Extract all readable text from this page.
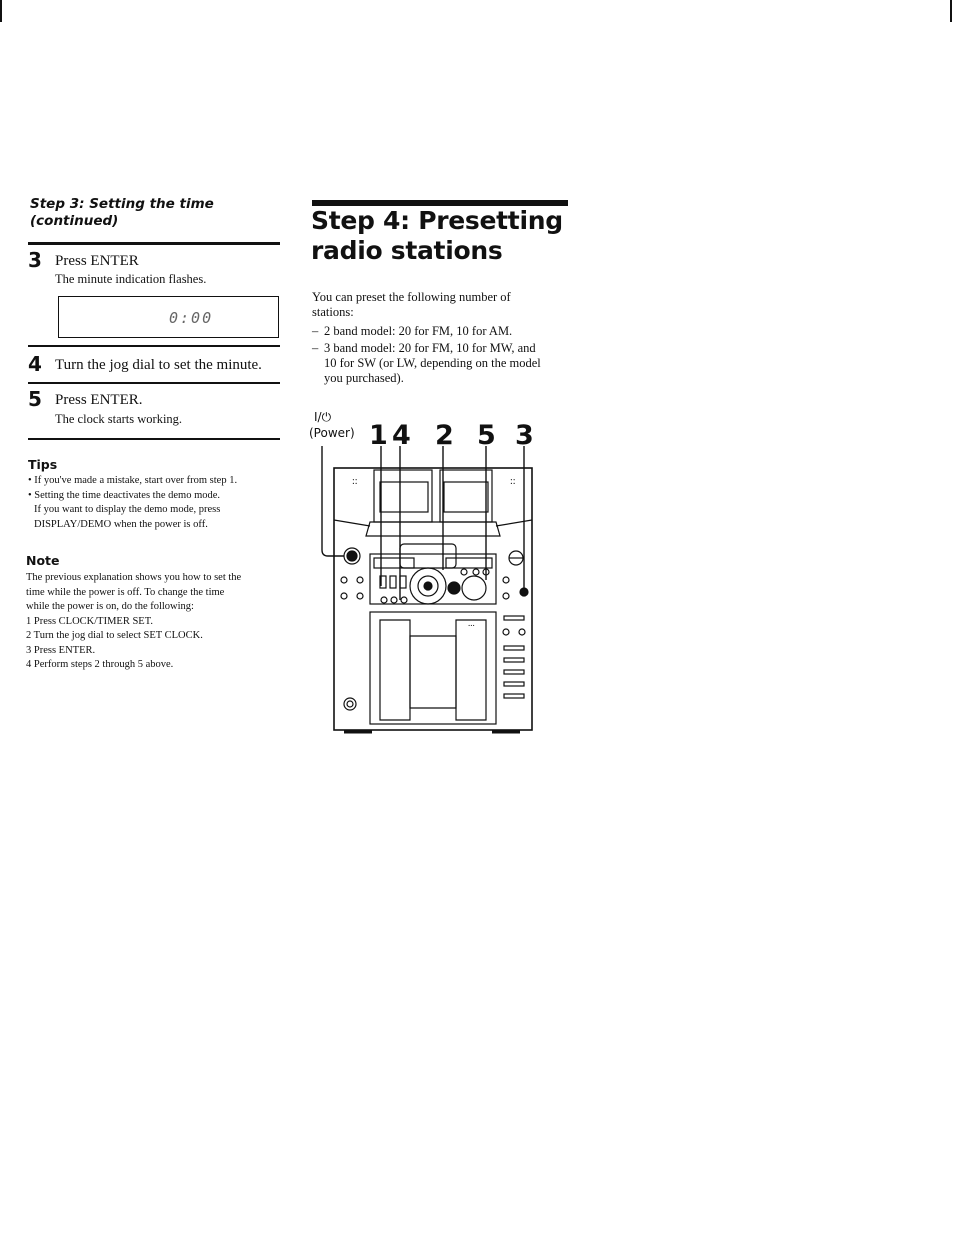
Step 3: Setting the time
(continued)
3 Press ENTER
The minute indication flashes.
0:00
4 Turn the jog dial to set the minute.
5 Press ENTER.
The clock starts working.
Tips
• If you've made a mistake, start over from step 1.
• Setting the time deactivates the demo mode.
If you want to display the demo mode, press
DISPLAY/DEMO when the power is off.
Note
The previous explanation shows you how to set the
time while the power is off. To change the time
while the power is on, do the following:
1 Press CLOCK/TIMER SET.
2 Turn the jog dial to select SET CLOCK.
3 Press ENTER.
4 Perform steps 2 through 5 above.
Step 4: Presetting
radio stations
You can preset the following number of
stations:
– 2 band model: 20 for FM, 10 for AM.
– 3 band model: 20 for FM, 10 for MW, and
10 for SW (or LW, depending on the model
you purchased).
I/⏻
(Power) 1 4 2 5 3
::	::
...
